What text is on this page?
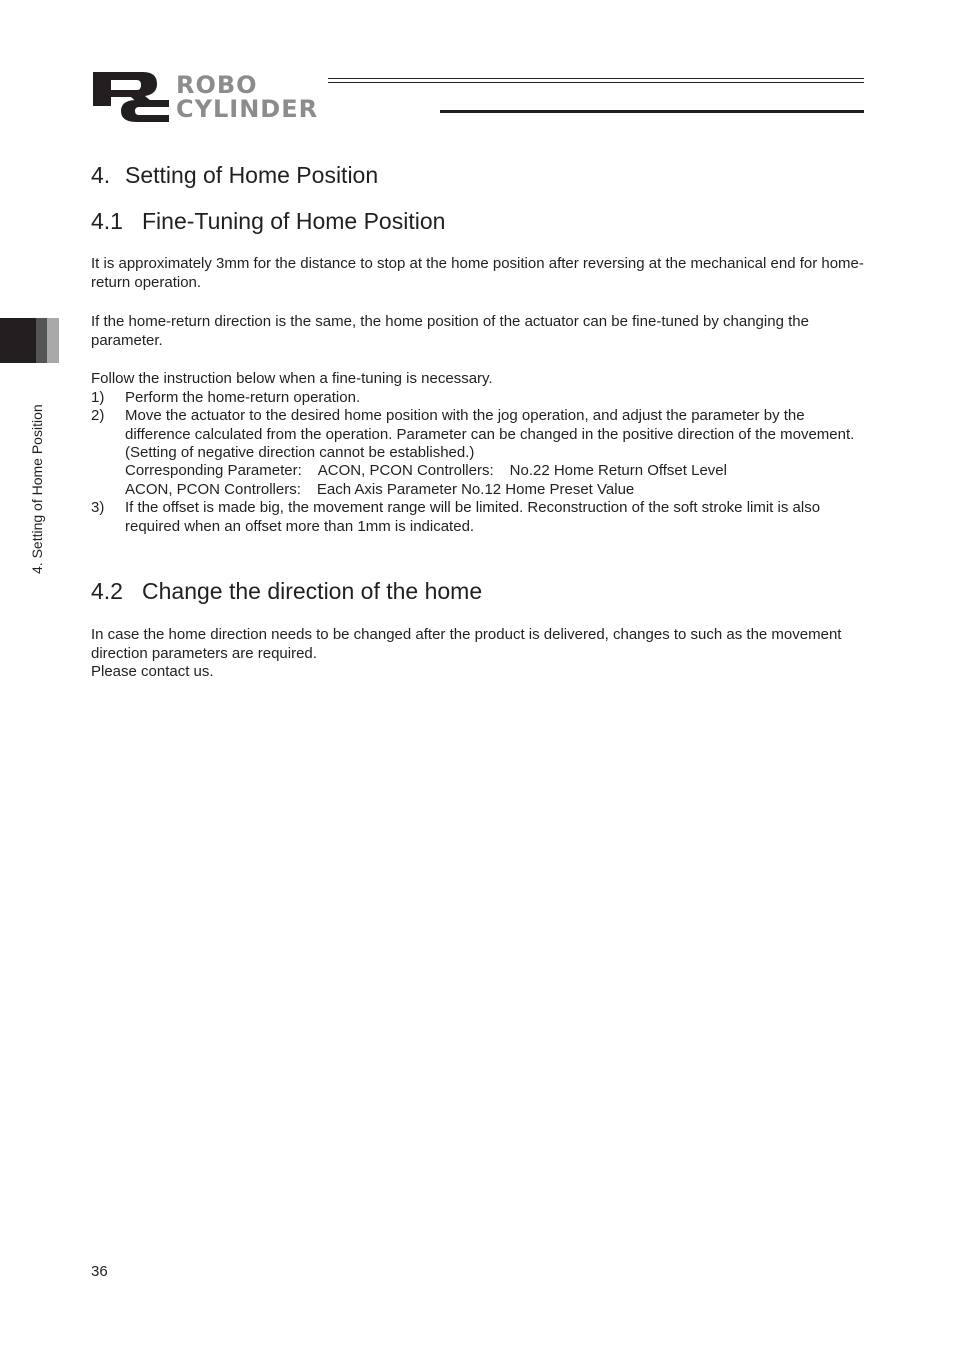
ROBO
CYLINDER
4. Setting of Home Position
4. Setting of Home Position
4.1 Fine-Tuning of Home Position

It is approximately 3mm for the distance to stop at the home position after reversing at the mechanical end for home-return operation.

If the home-return direction is the same, the home position of the actuator can be fine-tuned by changing the parameter.

Follow the instruction below when a fine-tuning is necessary.

1) Perform the home-return operation.
2) Move the actuator to the desired home position with the jog operation, and adjust the parameter by the difference calculated from the operation. Parameter can be changed in the positive direction of the movement. (Setting of negative direction cannot be established.)
Corresponding Parameter: ACON, PCON Controllers: No.22 Home Return Offset Level
ACON, PCON Controllers: Each Axis Parameter No.12 Home Preset Value
3) If the offset is made big, the movement range will be limited. Reconstruction of the soft stroke limit is also required when an offset more than 1mm is indicated.
4.2 Change the direction of the home

In case the home direction needs to be changed after the product is delivered, changes to such as the movement direction parameters are required.

Please contact us.

36
